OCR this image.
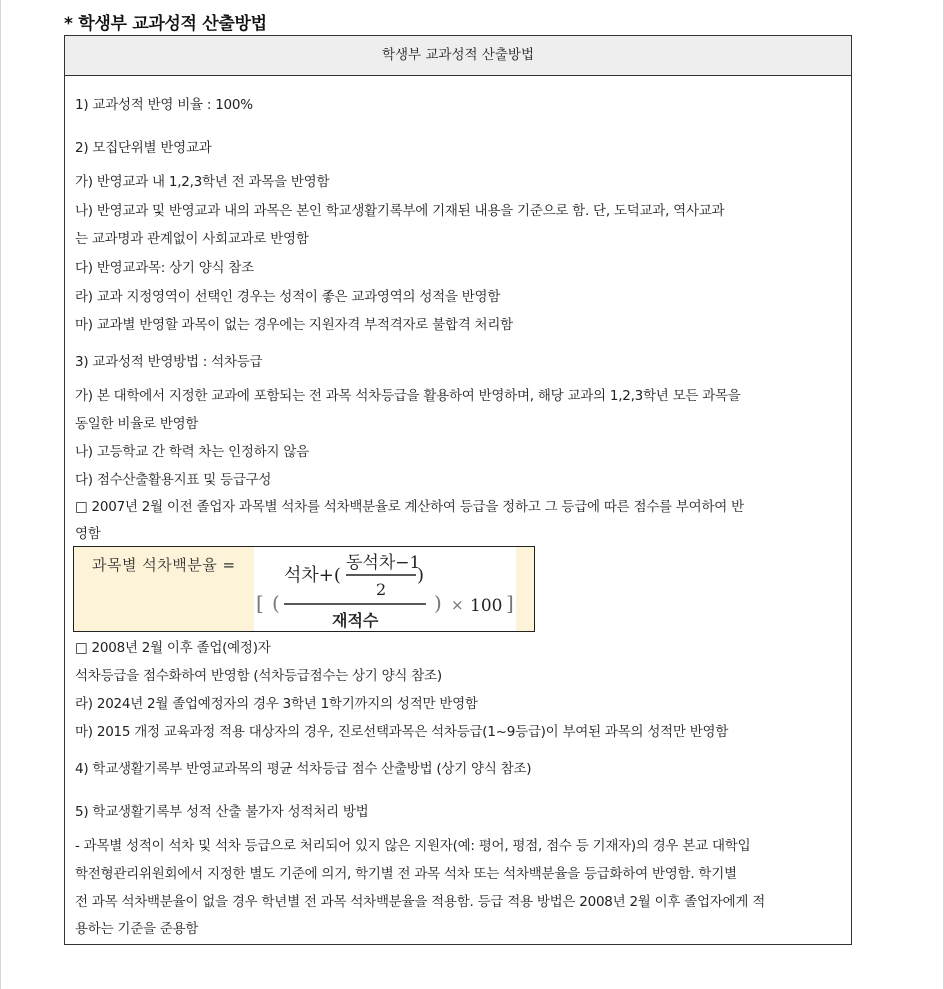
* 학생부 교과성적 산출방법
학생부 교과성적 산출방법
1) 교과성적 반영 비율 : 100%
2) 모집단위별 반영교과
가) 반영교과 내 1,2,3학년 전 과목을 반영함
나) 반영교과 및 반영교과 내의 과목은 본인 학교생활기록부에 기재된 내용을 기준으로 함. 단, 도덕교과, 역사교과
는 교과명과 관계없이 사회교과로 반영함
다) 반영교과목: 상기 양식 참조
라) 교과 지정영역이 선택인 경우는 성적이 좋은 교과영역의 성적을 반영함
마) 교과별 반영할 과목이 없는 경우에는 지원자격 부적격자로 불합격 처리함
3) 교과성적 반영방법 : 석차등급
가) 본 대학에서 지정한 교과에 포함되는 전 과목 석차등급을 활용하여 반영하며, 해당 교과의 1,2,3학년 모든 과목을
동일한 비율로 반영함
나) 고등학교 간 학력 차는 인정하지 않음
다) 점수산출활용지표 및 등급구성
□ 2007년 2월 이전 졸업자 과목별 석차를 석차백분율로 계산하여 등급을 정하고 그 등급에 따른 점수를 부여하여 반
영함
과목별 석차백분율 =	석차+(
동석차−1
2
)
[ (
재적수
) × 100 ]
□ 2008년 2월 이후 졸업(예정)자
석차등급을 점수화하여 반영함 (석차등급점수는 상기 양식 참조)
라) 2024년 2월 졸업예정자의 경우 3학년 1학기까지의 성적만 반영함
마) 2015 개정 교육과정 적용 대상자의 경우, 진로선택과목은 석차등급(1~9등급)이 부여된 과목의 성적만 반영함
4) 학교생활기록부 반영교과목의 평균 석차등급 점수 산출방법 (상기 양식 참조)
5) 학교생활기록부 성적 산출 불가자 성적처리 방법
- 과목별 성적이 석차 및 석차 등급으로 처리되어 있지 않은 지원자(예: 평어, 평점, 점수 등 기재자)의 경우 본교 대학입
학전형관리위원회에서 지정한 별도 기준에 의거, 학기별 전 과목 석차 또는 석차백분율을 등급화하여 반영함. 학기별
전 과목 석차백분율이 없을 경우 학년별 전 과목 석차백분율을 적용함. 등급 적용 방법은 2008년 2월 이후 졸업자에게 적
용하는 기준을 준용함
